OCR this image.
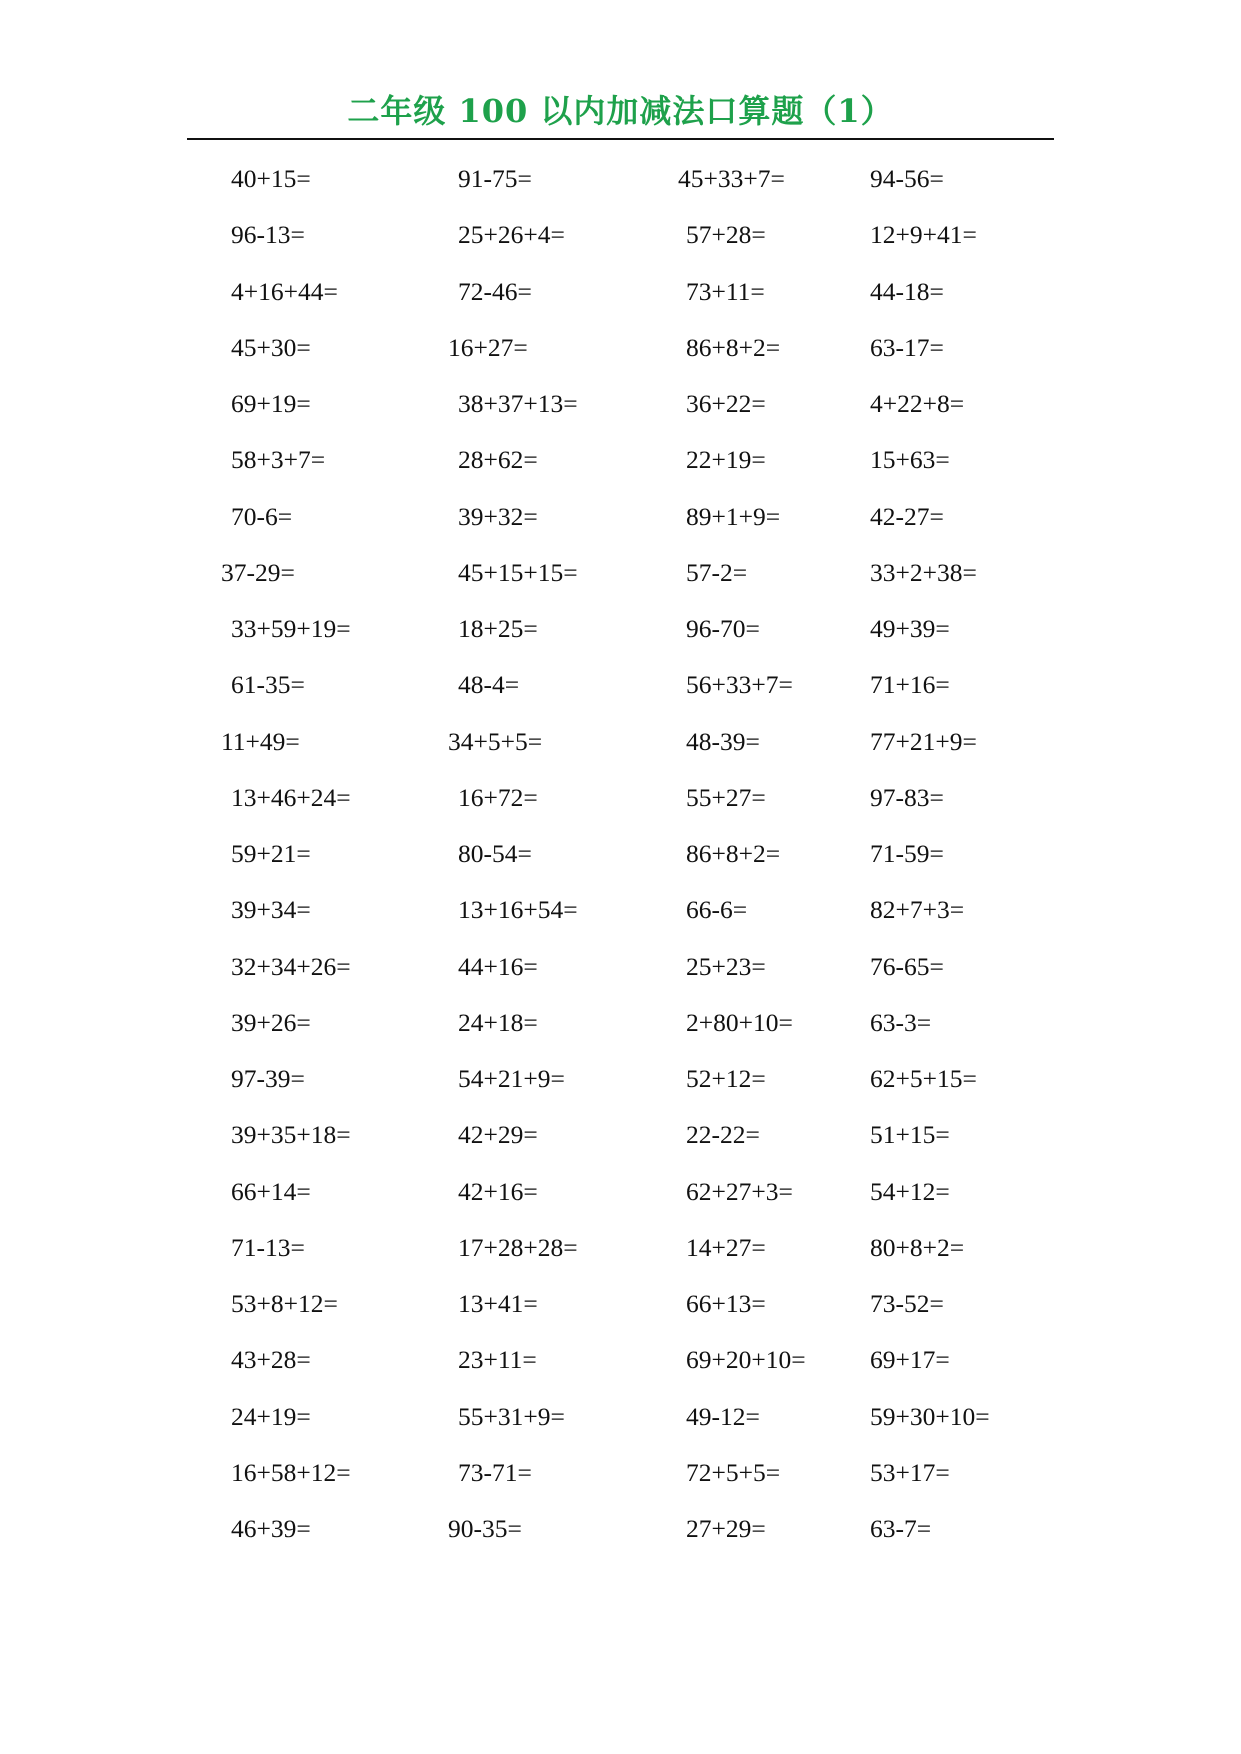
二年级 100 以内加减法口算题（1）
40+15=	91-75=	45+33+7=	94-56=
96-13=	25+26+4=	57+28=	12+9+41=
4+16+44=	72-46=	73+11=	44-18=
45+30=	16+27=	86+8+2=	63-17=
69+19=	38+37+13=	36+22=	4+22+8=
58+3+7=	28+62=	22+19=	15+63=
70-6=	39+32=	89+1+9=	42-27=
37-29=	45+15+15=	57-2=	33+2+38=
33+59+19=	18+25=	96-70=	49+39=
61-35=	48-4=	56+33+7=	71+16=
11+49=	34+5+5=	48-39=	77+21+9=
13+46+24=	16+72=	55+27=	97-83=
59+21=	80-54=	86+8+2=	71-59=
39+34=	13+16+54=	66-6=	82+7+3=
32+34+26=	44+16=	25+23=	76-65=
39+26=	24+18=	2+80+10=	63-3=
97-39=	54+21+9=	52+12=	62+5+15=
39+35+18=	42+29=	22-22=	51+15=
66+14=	42+16=	62+27+3=	54+12=
71-13=	17+28+28=	14+27=	80+8+2=
53+8+12=	13+41=	66+13=	73-52=
43+28=	23+11=	69+20+10=	69+17=
24+19=	55+31+9=	49-12=	59+30+10=
16+58+12=	73-71=	72+5+5=	53+17=
46+39=	90-35=	27+29=	63-7=
